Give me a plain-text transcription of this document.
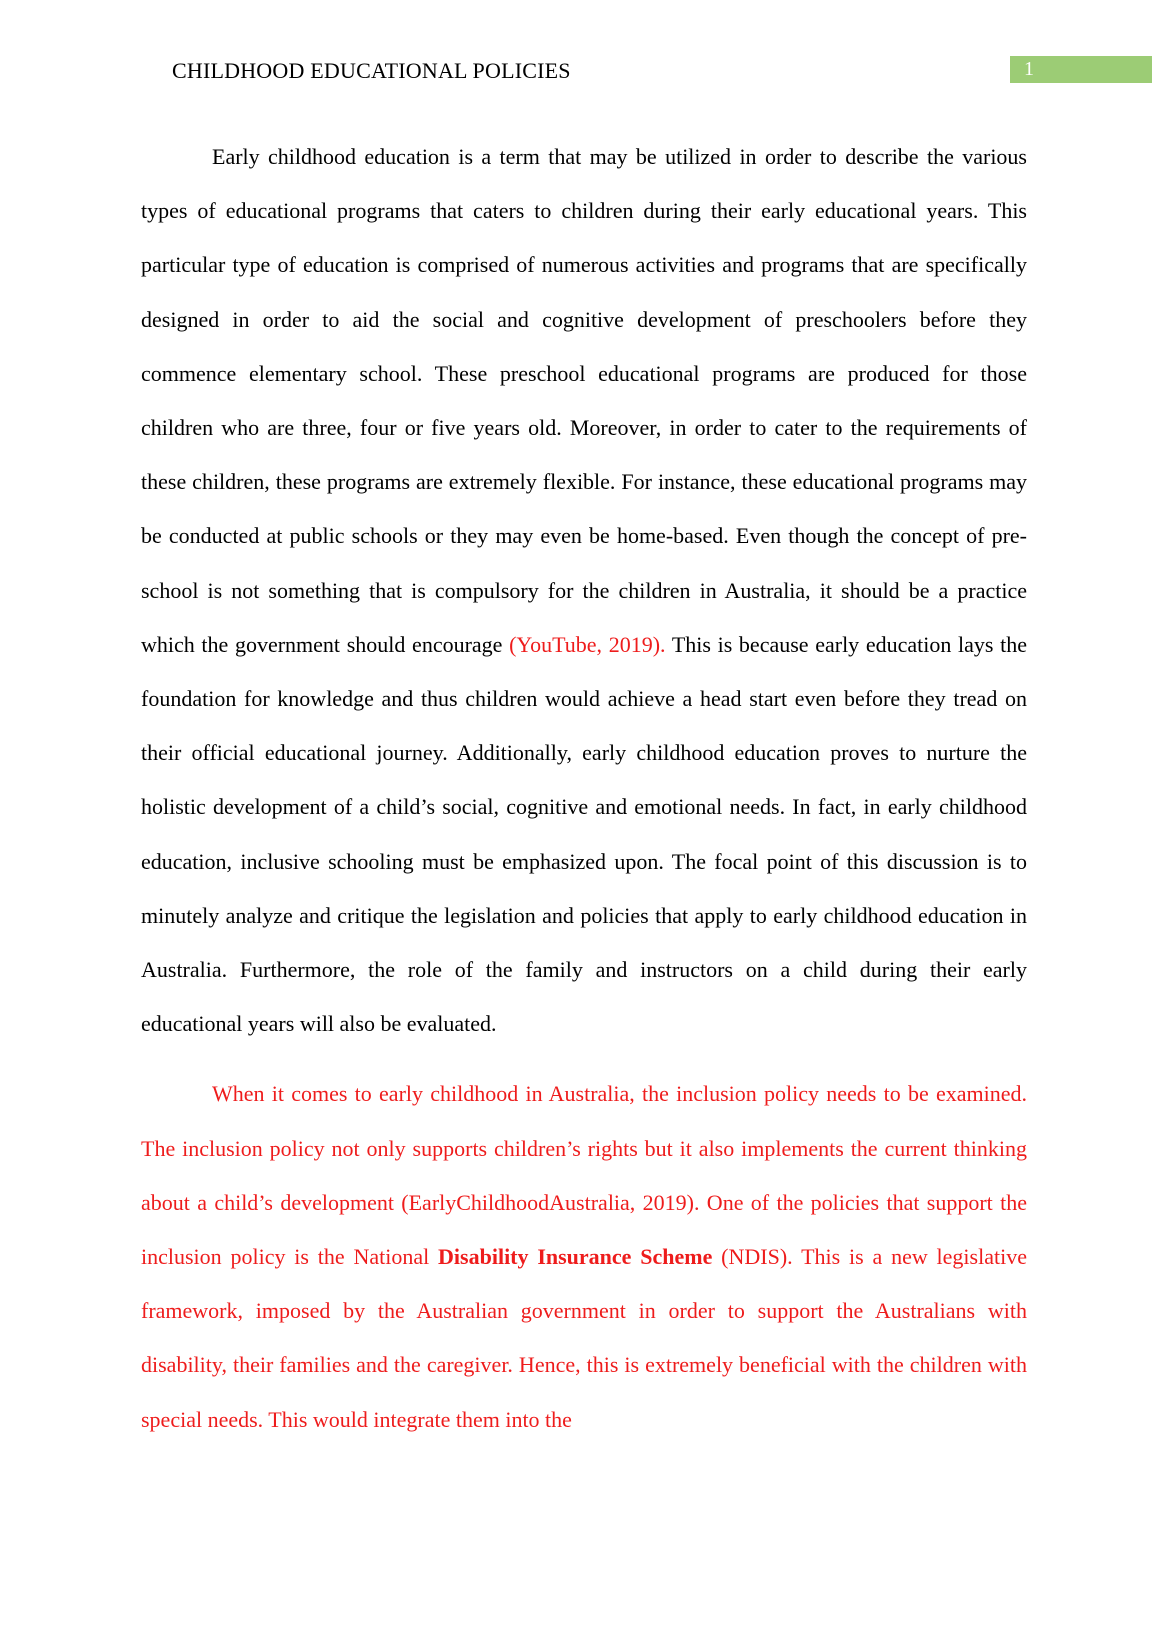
CHILDHOOD EDUCATIONAL POLICIES	1

Early childhood education is a term that may be utilized in order to describe the various types of educational programs that caters to children during their early educational years. This particular type of education is comprised of numerous activities and programs that are specifically designed in order to aid the social and cognitive development of preschoolers before they commence elementary school. These preschool educational programs are produced for those children who are three, four or five years old. Moreover, in order to cater to the requirements of these children, these programs are extremely flexible. For instance, these educational programs may be conducted at public schools or they may even be home-based. Even though the concept of pre-school is not something that is compulsory for the children in Australia, it should be a practice which the government should encourage (YouTube, 2019). This is because early education lays the foundation for knowledge and thus children would achieve a head start even before they tread on their official educational journey. Additionally, early childhood education proves to nurture the holistic development of a child’s social, cognitive and emotional needs. In fact, in early childhood education, inclusive schooling must be emphasized upon. The focal point of this discussion is to minutely analyze and critique the legislation and policies that apply to early childhood education in Australia. Furthermore, the role of the family and instructors on a child during their early educational years will also be evaluated.

When it comes to early childhood in Australia, the inclusion policy needs to be examined. The inclusion policy not only supports children’s rights but it also implements the current thinking about a child’s development (EarlyChildhoodAustralia, 2019). One of the policies that support the inclusion policy is the National Disability Insurance Scheme (NDIS). This is a new legislative framework, imposed by the Australian government in order to support the Australians with disability, their families and the caregiver. Hence, this is extremely beneficial with the children with special needs. This would integrate them into the
